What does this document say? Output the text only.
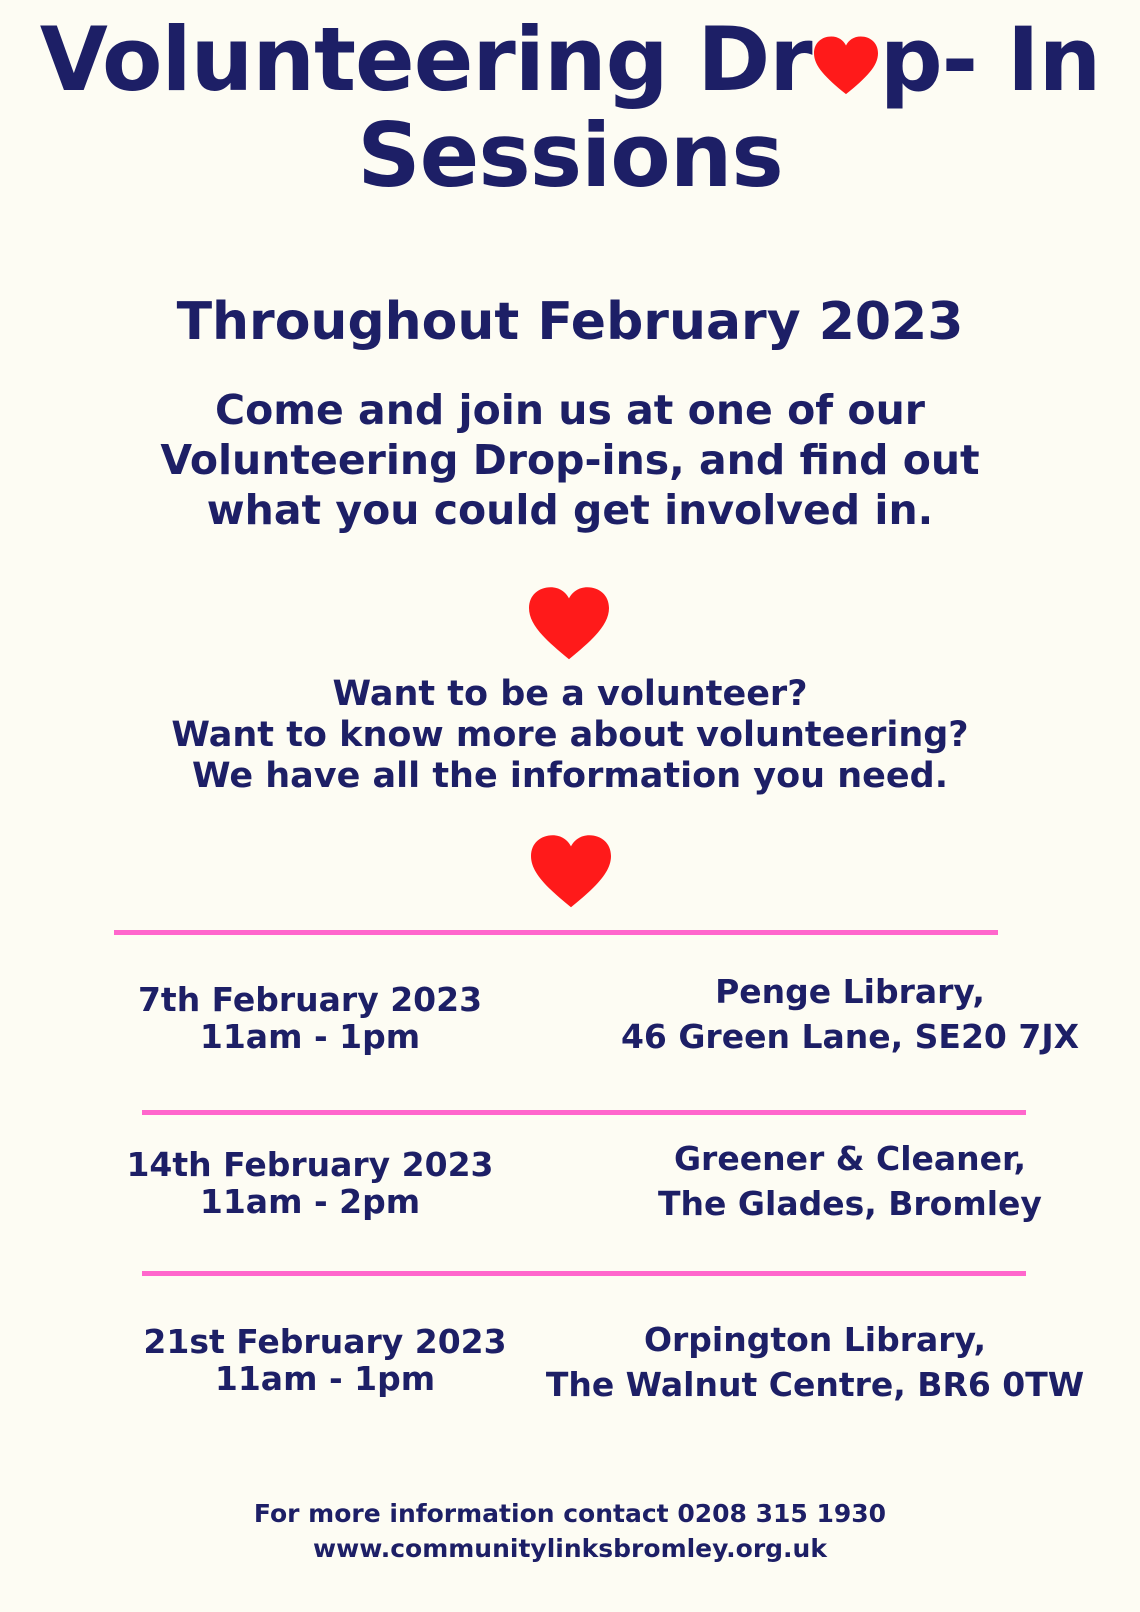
Volunteering Dr p- In
Sessions
Throughout February 2023
Come and join us at one of our
Volunteering Drop-ins, and find out
what you could get involved in.
Want to be a volunteer?
Want to know more about volunteering?
We have all the information you need.
7th February 2023
11am - 1pm
Penge Library,
46 Green Lane, SE20 7JX
14th February 2023
11am - 2pm
Greener & Cleaner,
The Glades, Bromley
21st February 2023
11am - 1pm
Orpington Library,
The Walnut Centre, BR6 0TW
For more information contact 0208 315 1930
www.communitylinksbromley.org.uk
